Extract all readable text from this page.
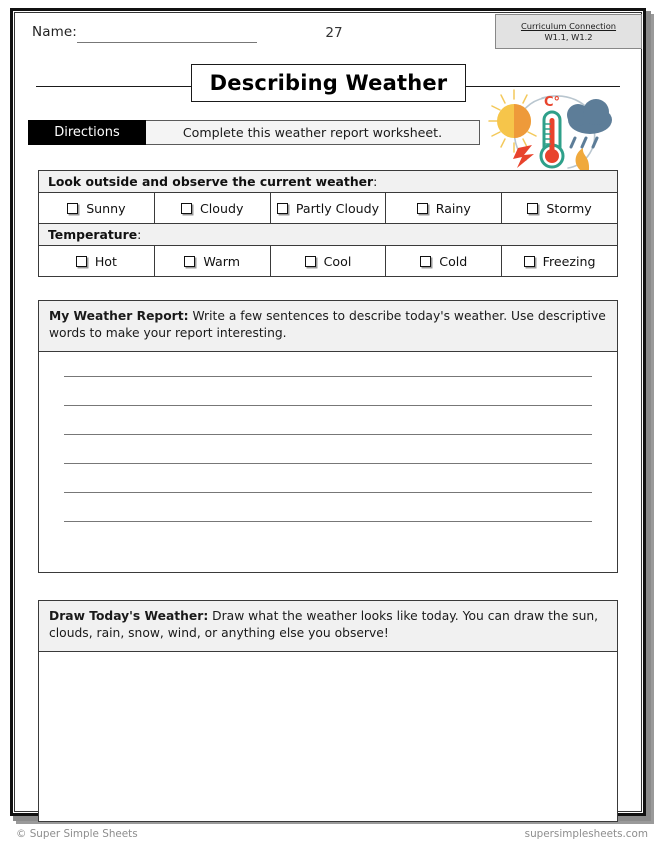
Name:	27	Curriculum Connection
W1.1, W1.2
Describing Weather
Directions	Complete this weather report worksheet.
C°
Look outside and observe the current weather :
Sunny	Cloudy	Partly Cloudy	Rainy	Stormy
Temperature :
Hot	Warm	Cool	Cold	Freezing
My Weather Report: Write a few sentences to describe today's weather. Use descriptive words to make your report interesting.
Draw Today's Weather: Draw what the weather looks like today. You can draw the sun, clouds, rain, snow, wind, or anything else you observe!
© Super Simple Sheets	supersimplesheets.com
